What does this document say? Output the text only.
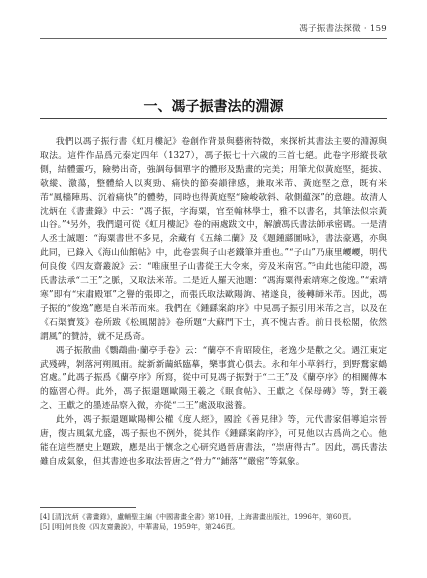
馮子振書法探微 · 159
一、馮子振書法的淵源

我們以馮子振行書《虹月樓記》卷創作背景與藝術特徵，來探析其書法主要的淵源與取法。這件作品爲元泰定四年（1327），馮子振七十六歲的三首七絕。此卷字形縱長欹側，結體靈巧，險勢出奇，強調每個單字的體形及點畫的完美；用筆尤似黃庭堅，挺拔、欹縱、激蕩，整體給人以爽勁、痛快的節奏韻律感，兼取米芾、黃庭堅之意，既有米芾“風檣陣馬、沉着痛快”的體勢，同時也得黃庭堅“險峻欹斜、欹側藴深”的意趣。故清人沈炳在《書畫錄》中云：“馮子振，字海粟，官至翰林學士，雅不以書名，其筆法似宗黃山谷。”⁴另外，我們還可從《虹月樓記》卷的兩處跋文中，解讀馮氏書法師承密碼。一是清人丞士誠題：“海粟書世不多見，余藏有《五絲二蘭》及《題鍾繇圖咏》，書法豪邁，亦與此同，已錄入《海山仙館帖》中，此卷雲與子山老鐵筆并重也。”“子山”乃康里巎巎，明代何良俊《四友齋叢說》云：“唯康里子山書從王大令來，旁及米南宮。”⁵由此也能印證，馮氏書法承“二王”之脈，又取法米芾。二是近人羅天池題：“馮海粟得索靖寒之俊逸。”“索靖寒”即有“宋肅殿軍”之譽的張即之，而張氏取法歐陽詢、褚遂良，後轉師米芾。因此，馮子振的“俊逸”應是自米芾而來。我們在《鍾繇案韵序》中見馮子振引用米芾之言，以及在《石渠寶笈》卷所跋《松風閣詩》卷所題“大蘇門下士，真不愧古香。前日長松閣，依然謂風”的贊詩，就不足爲奇。

馮子振散曲《鸚鵡曲·蘭亭手卷》云：“蘭亭不肯昭陵住，老逸少是歡之父。遇江東定武殘碑，剝落河朔風雨。綻新新繭紙臨摹，樂事賞心俱去。永和年小草斜行，到野鶩家鶴宮處。”此馮子振爲《蘭亭序》所寫，從中可見馮子振對于“二王”及《蘭亭序》的相關傳本的臨習心得。此外，馮子振還題歐陽王羲之《眠食帖》、王獻之《保母磚》等，對王羲之、王獻之的墨迹品察入微，亦從“二王”處汲取滋養。

此外，馮子振還題歐陽柳公權《度人經》，國詮《善見律》等，元代書家倡導追宗晉唐，復古風氣尤盛，馮子振也不例外，從其作《鍾繇案韵序》，可見他以古爲尚之心。他能在這些歷史上題跋，應是出于懷念之心研究過晉唐書法，“崇唐得古”。因此，馮氏書法雖自成氣象，但其書迹也多取法晉唐之“骨力”“鋪落”“嚴密”等氣象。

[4] [清]沈炳《書畫錄》，盧輔聖主編《中國書畫全書》第10冊，上海書畫出版社，1996年，第60頁。

[5] [明]何良俊《四友齋叢說》，中華書局，1959年，第246頁。
